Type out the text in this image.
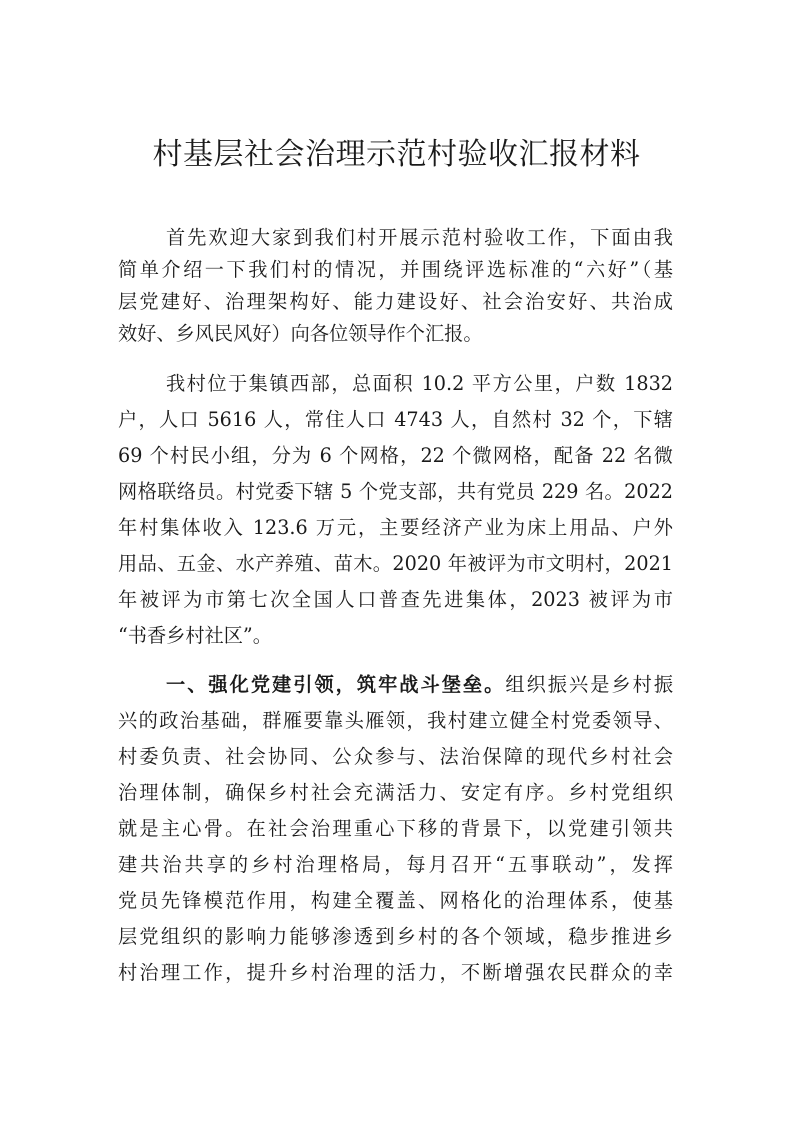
村基层社会治理示范村验收汇报材料
首先欢迎大家到我们村开展示范村验收工作，下面由我
简单介绍一下我们村的情况，并围绕评选标准的“六好”（基
层党建好、治理架构好、能力建设好、社会治安好、共治成
效好、乡风民风好）向各位领导作个汇报。
我村位于集镇西部，总面积 10.2 平方公里，户数 1832
户，人口 5616 人，常住人口 4743 人，自然村 32 个，下辖
69 个村民小组，分为 6 个网格，22 个微网格，配备 22 名微
网格联络员。村党委下辖 5 个党支部，共有党员 229 名。2022
年村集体收入 123.6 万元，主要经济产业为床上用品、户外
用品、五金、水产养殖、苗木。2020 年被评为市文明村，2021
年被评为市第七次全国人口普查先进集体，2023 被评为市
“书香乡村社区”。
一、强化党建引领，筑牢战斗堡垒。组织振兴是乡村振
兴的政治基础，群雁要靠头雁领，我村建立健全村党委领导、
村委负责、社会协同、公众参与、法治保障的现代乡村社会
治理体制，确保乡村社会充满活力、安定有序。乡村党组织
就是主心骨。在社会治理重心下移的背景下，以党建引领共
建共治共享的乡村治理格局，每月召开“五事联动”，发挥
党员先锋模范作用，构建全覆盖、网格化的治理体系，使基
层党组织的影响力能够渗透到乡村的各个领域，稳步推进乡
村治理工作，提升乡村治理的活力，不断增强农民群众的幸
